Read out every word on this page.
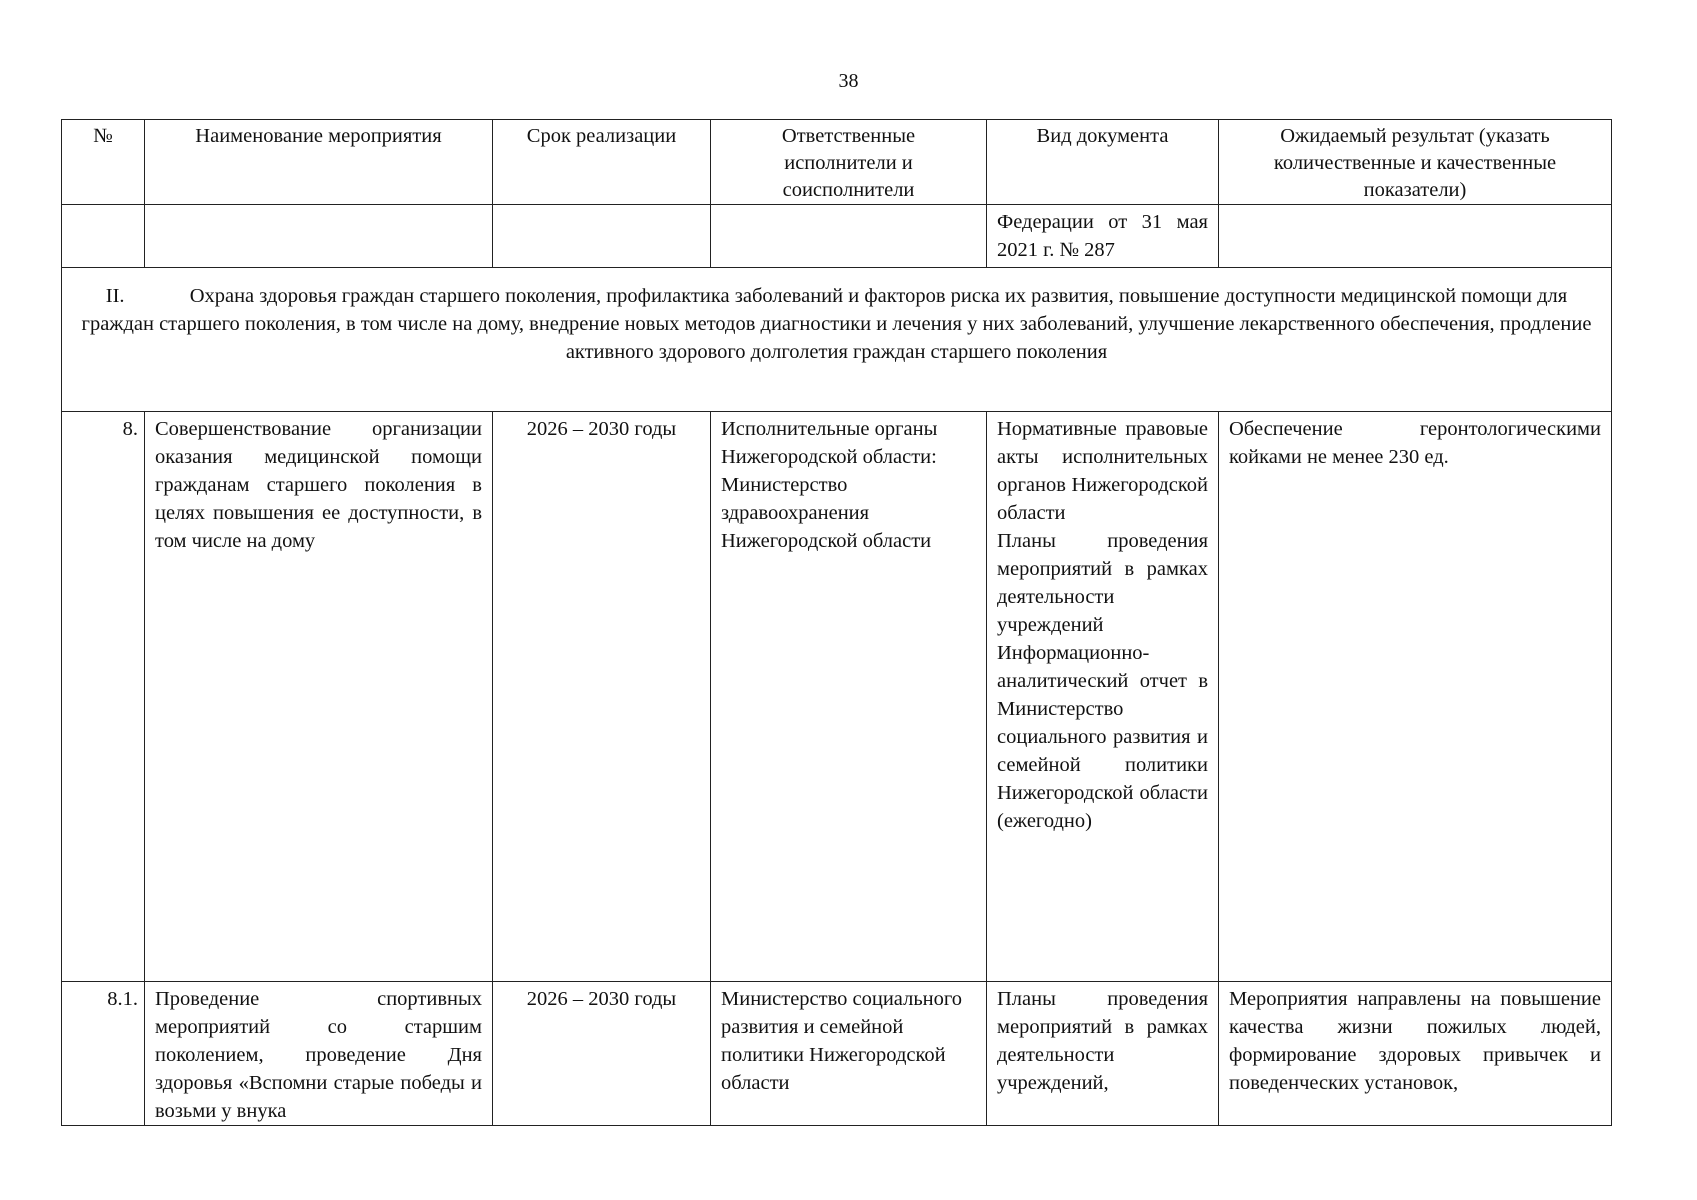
38
№	Наименование мероприятия	Срок реализации	Ответственные исполнители и соисполнители	Вид документа	Ожидаемый результат (указать количественные и качественные показатели)
				Федерации от 31 мая 2021 г. № 287	
II. Охрана здоровья граждан старшего поколения, профилактика заболеваний и факторов риска их развития, повышение доступности медицинской помощи для граждан старшего поколения, в том числе на дому, внедрение новых методов диагностики и лечения у них заболеваний, улучшение лекарственного обеспечения, продление активного здорового долголетия граждан старшего поколения					
8.	Совершенствование организации оказания медицинской помощи гражданам старшего поколения в целях повышения ее доступности, в том числе на дому	2026 – 2030 годы	Исполнительные органы Нижегородской области: Министерство здравоохранения Нижегородской области	Нормативные правовые акты исполнительных органов Нижегородской области
Планы проведения мероприятий в рамках деятельности учреждений
Информационно-аналитический отчет в Министерство социального развития и семейной политики Нижегородской области (ежегодно)	Обеспечение геронтологическими койками не менее 230 ед.
8.1.	Проведение спортивных мероприятий со старшим поколением, проведение Дня здоровья «Вспомни старые победы и возьми у внука	2026 – 2030 годы	Министерство социального развития и семейной политики Нижегородской области	Планы проведения мероприятий в рамках деятельности учреждений,	Мероприятия направлены на повышение качества жизни пожилых людей, формирование здоровых привычек и поведенческих установок,
